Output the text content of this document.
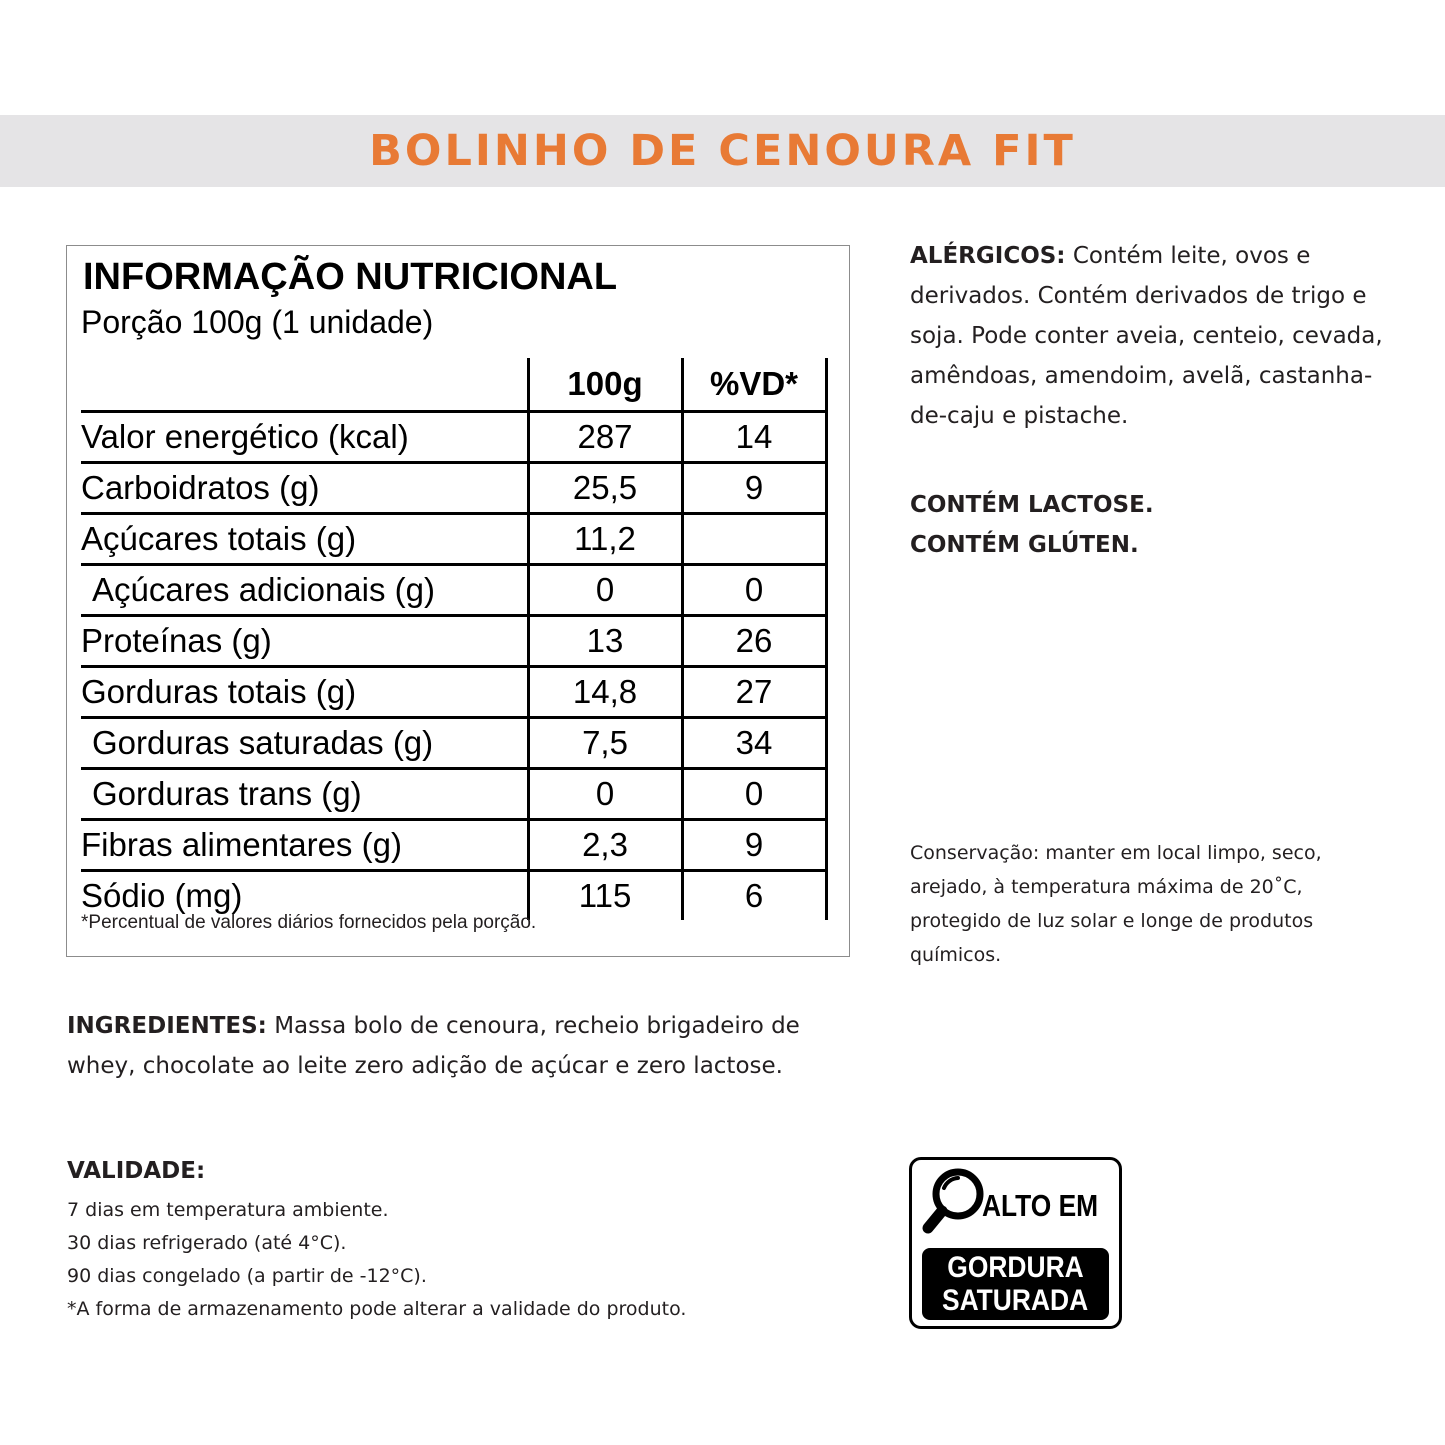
BOLINHO DE CENOURA FIT
INFORMAÇÃO NUTRICIONAL
Porção 100g (1 unidade)
	100g	%VD*
Valor energético (kcal)	287	14
Carboidratos (g)	25,5	9
Açúcares totais (g)	11,2	
Açúcares adicionais (g)	0	0
Proteínas (g)	13	26
Gorduras totais (g)	14,8	27
Gorduras saturadas (g)	7,5	34
Gorduras trans (g)	0	0
Fibras alimentares (g)	2,3	9
Sódio (mg)	115	6
*Percentual de valores diários fornecidos pela porção.

ALÉRGICOS: Contém leite, ovos e derivados. Contém derivados de trigo e soja. Pode conter aveia, centeio, cevada, amêndoas, amendoim, avelã, castanha-de-caju e pistache.

CONTÉM LACTOSE.
CONTÉM GLÚTEN.

Conservação: manter em local limpo, seco, arejado, à temperatura máxima de 20˚C, protegido de luz solar e longe de produtos químicos.

INGREDIENTES: Massa bolo de cenoura, recheio brigadeiro de whey, chocolate ao leite zero adição de açúcar e zero lactose.

VALIDADE:
7 dias em temperatura ambiente.
30 dias refrigerado (até 4°C).
90 dias congelado (a partir de -12°C).
*A forma de armazenamento pode alterar a validade do produto.
ALTO EM
GORDURA
SATURADA
